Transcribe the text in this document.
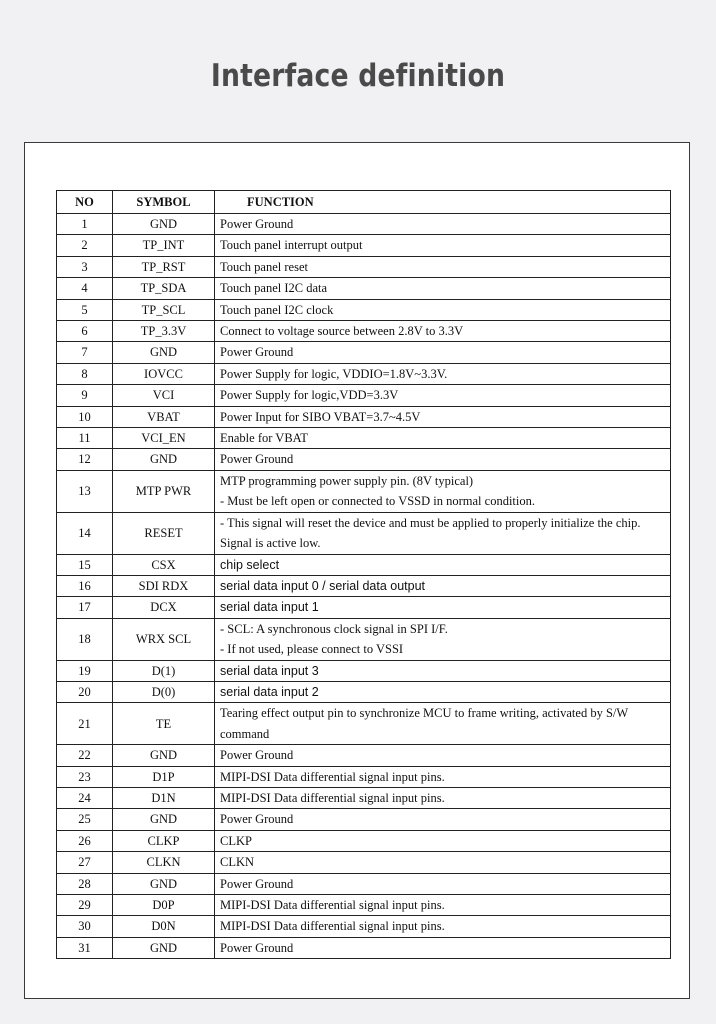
Interface definition
NO	SYMBOL	FUNCTION
1	GND	Power Ground

2	TP_INT	Touch panel interrupt output

3	TP_RST	Touch panel reset

4	TP_SDA	Touch panel I2C data

5	TP_SCL	Touch panel I2C clock

6	TP_3.3V	Connect to voltage source between 2.8V to 3.3V

7	GND	Power Ground

8	IOVCC	Power Supply for logic, VDDIO=1.8V~3.3V.

9	VCI	Power Supply for logic,VDD=3.3V

10	VBAT	Power Input for SIBO VBAT=3.7~4.5V

11	VCI_EN	Enable for VBAT

12	GND	Power Ground

13	MTP PWR	MTP programming power supply pin. (8V typical)
- Must be left open or connected to VSSD in normal condition.

14	RESET	- This signal will reset the device and must be applied to properly initialize the chip.
Signal is active low.

15	CSX	chip select

16	SDI RDX	serial data input 0 / serial data output

17	DCX	serial data input 1

18	WRX SCL	- SCL: A synchronous clock signal in SPI I/F.
- If not used, please connect to VSSI

19	D(1)	serial data input 3

20	D(0)	serial data input 2

21	TE	Tearing effect output pin to synchronize MCU to frame writing, activated by S/W
command

22	GND	Power Ground

23	D1P	MIPI-DSI Data differential signal input pins.

24	D1N	MIPI-DSI Data differential signal input pins.

25	GND	Power Ground

26	CLKP	CLKP

27	CLKN	CLKN

28	GND	Power Ground

29	D0P	MIPI-DSI Data differential signal input pins.

30	D0N	MIPI-DSI Data differential signal input pins.

31	GND	Power Ground
